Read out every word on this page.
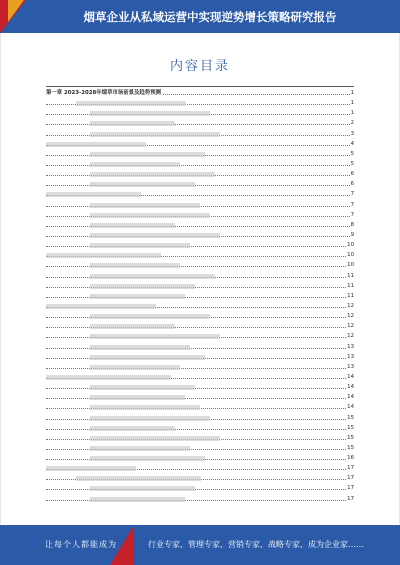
烟草企业从私域运营中实现逆势增长策略研究报告
内容目录
第一章 2023-2028年烟草市场前景及趋势预测	1
1
1
2
3
4
5
5
6
6
7
7
7
8
9
10
10
10
11
11
11
12
12
12
12
13
13
13
14
14
14
14
15
15
15
15
16
17
17
17
17
让每个人都能成为	行业专家、管理专家、营销专家、战略专家、成为企业家……
